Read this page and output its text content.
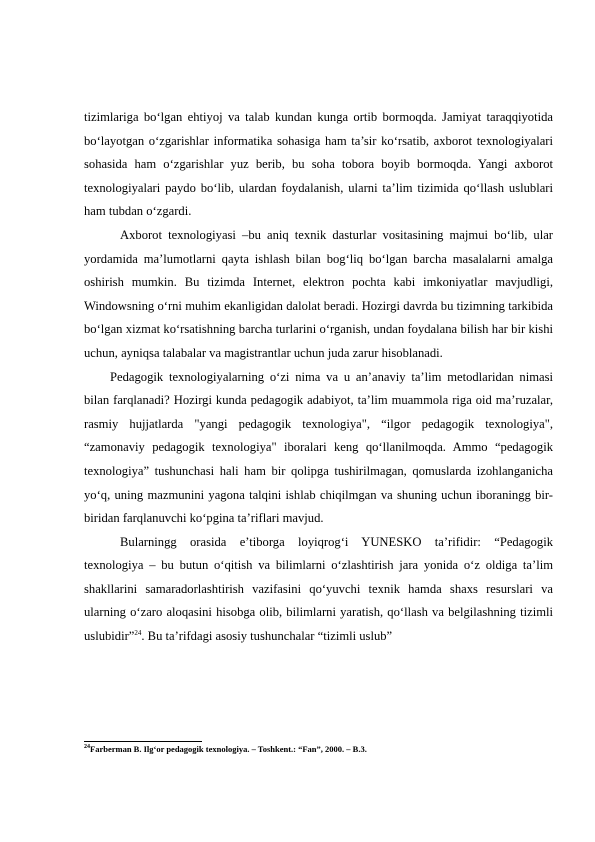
tizimlariga bo‘lgan ehtiyoj va talab kundan kunga ortib bormoqda. Jamiyat taraqqiyotida bo‘layotgan o‘zgarishlar informatika sohasiga ham ta’sir ko‘rsatib, axborot texnologiyalari sohasida ham o‘zgarishlar yuz berib, bu soha tobora boyib bormoqda. Yangi axborot texnologiyalari paydo bo‘lib, ulardan foydalanish, ularni ta’lim tizimida qo‘llash uslublari ham tubdan o‘zgardi.

Axborot texnologiyasi –bu aniq texnik dasturlar vositasining majmui bo‘lib, ular yordamida ma’lumotlarni qayta ishlash bilan bog‘liq bo‘lgan barcha masalalarni amalga oshirish mumkin. Bu tizimda Internet, elektron pochta kabi imkoniyatlar mavjudligi, Windowsning o‘rni muhim ekanligidan dalolat beradi. Hozirgi davrda bu tizimning tarkibida bo‘lgan xizmat ko‘rsatishning barcha turlarini o‘rganish, undan foydalana bilish har bir kishi uchun, ayniqsa talabalar va magistrantlar uchun juda zarur hisoblanadi.

Pedagogik texnologiyalarning o‘zi nima va u an’anaviy ta’lim metodlaridan nimasi bilan farqlanadi? Hozirgi kunda pedagogik adabiyot, ta’lim muammola riga oid ma’ruzalar, rasmiy hujjatlarda "yangi pedagogik texnologiya", “ilgor pedagogik texnologiya", “zamonaviy pedagogik texnologiya" iboralari keng qo‘llanilmoqda. Ammo “pedagogik texnologiya” tushunchasi hali ham bir qolipga tushirilmagan, qomuslarda izohlanganicha yo‘q, uning mazmunini yagona talqini ishlab chiqilmgan va shuning uchun iboraningg bir-biridan farqlanuvchi ko‘pgina ta’riflari mavjud.

Bularningg orasida e’tiborga loyiqrog‘i YUNESKO ta’rifidir: “Pedagogik texnologiya – bu butun o‘qitish va bilimlarni o‘zlashtirish jara yonida o‘z oldiga ta’lim shakllarini samaradorlashtirish vazifasini qo‘yuvchi texnik hamda shaxs resurslari va ularning o‘zaro aloqasini hisobga olib, bilimlarni yaratish, qo‘llash va belgilashning tizimli uslubidir”$^{24}$. Bu ta’rifdagi asosiy tushunchalar “tizimli uslub”

$^{24}$Farberman B. Ilg‘or pedagogik texnologiya. – Toshkent.: “Fan”, 2000. – B.3.
